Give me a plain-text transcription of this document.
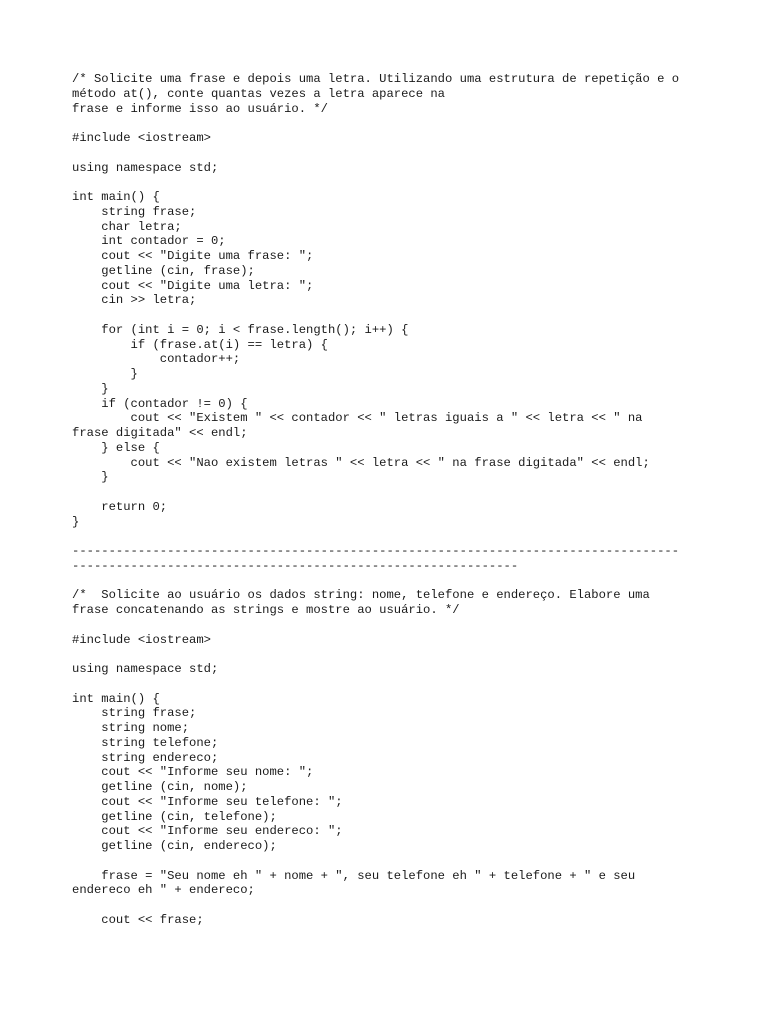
/* Solicite uma frase e depois uma letra. Utilizando uma estrutura de repetição e o
método at(), conte quantas vezes a letra aparece na
frase e informe isso ao usuário. */
#include <iostream>
using namespace std;
int main() {
string frase;
char letra;
int contador = 0;
cout << "Digite uma frase: ";
getline (cin, frase);
cout << "Digite uma letra: ";
cin >> letra;
for (int i = 0; i < frase.length(); i++) {
if (frase.at(i) == letra) {
contador++;
}
}
if (contador != 0) {
cout << "Existem " << contador << " letras iguais a " << letra << " na
frase digitada" << endl;
} else {
cout << "Nao existem letras " << letra << " na frase digitada" << endl;
}
return 0;
}
-----------------------------------------------------------------------------------
-------------------------------------------------------------
/*  Solicite ao usuário os dados string: nome, telefone e endereço. Elabore uma
frase concatenando as strings e mostre ao usuário. */
#include <iostream>
using namespace std;
int main() {
string frase;
string nome;
string telefone;
string endereco;
cout << "Informe seu nome: ";
getline (cin, nome);
cout << "Informe seu telefone: ";
getline (cin, telefone);
cout << "Informe seu endereco: ";
getline (cin, endereco);
frase = "Seu nome eh " + nome + ", seu telefone eh " + telefone + " e seu
endereco eh " + endereco;
cout << frase;
